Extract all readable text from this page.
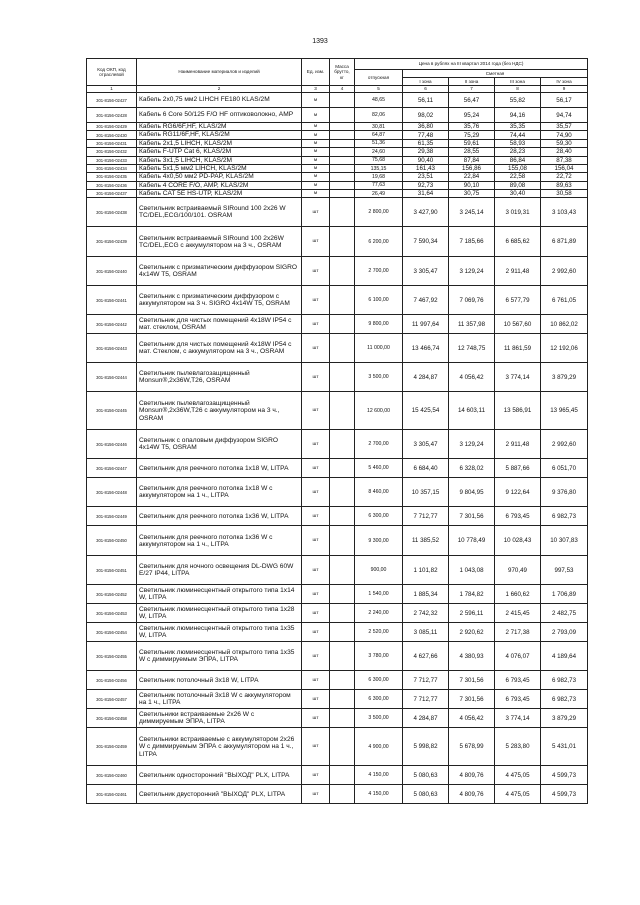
1393
Код ОКП, код отраслевой	Наименование материалов и изделий	Ед. изм.	Масса брутто, кг	Цена в рублях на III квартал 2014 года (без НДС)				
				отпускная	Сметная			
					I зона	II зона	III зона	IV зона
1	2	3	4	5	6	7	8	9
301-8156-02427	Кабель 2x0,75 мм2 LIHCH FE180 KLAS/2M	м		48,65	56,11	56,47	55,82	56,17
301-8156-02428	Кабель 6 Core 50/125 F/O HF оптиковолокно, AMP	м		82,06	98,02	95,24	94,16	94,74
301-8156-02429	Кабель RG6/6F,HF, KLAS/2M	м		30,81	36,80	35,76	35,35	35,57
301-8156-02430	Кабель RG11/6F,HF, KLAS/2M	м		64,87	77,48	75,29	74,44	74,90
301-8156-02431	Кабель 2x1,5 LIHCH, KLAS/2M	м		51,36	61,35	59,61	58,93	59,30
301-8156-02432	Кабель F-UTP Cat 6, KLAS/2M	м		24,60	29,38	28,55	28,23	28,40
301-8156-02433	Кабель 3x1,5 LIHCH, KLAS/2M	м		75,68	90,40	87,84	86,84	87,38
301-8156-02434	Кабель 5x1,5 мм2 LIHCH, KLAS/2M	м		135,15	161,43	156,86	155,08	156,04
301-8156-02435	Кабель 4x0,50 мм2 PD-PAP, KLAS/2M	м		19,68	23,51	22,84	22,58	22,72
301-8156-02436	Кабель 4 CORE F/O, AMP, KLAS/2M	м		77,63	92,73	90,10	89,08	89,63
301-8156-02437	Кабель CAT 5E HS-UTP, KLAS/2M	м		26,49	31,64	30,75	30,40	30,58
301-8156-02438	Светильник встраиваемый SIRound 100 2x26 W TC/DEL,ECG/100/101. OSRAM	шт		2 800,00	3 427,90	3 245,14	3 019,31	3 103,43
301-8156-02439	Светильник встраиваемый SIRound 100 2x26W TC/DEL,ECG с аккумулятором на 3 ч., OSRAM	шт		6 200,00	7 590,34	7 185,66	6 685,62	6 871,89
301-8156-02440	Светильник с призматическим диффузором SIGRO 4x14W T5, OSRAM	шт		2 700,00	3 305,47	3 129,24	2 911,48	2 992,60
301-8156-02441	Светильник с призматическим диффузором с аккумулятором на 3 ч. SIGRO 4x14W T5, OSRAM	шт		6 100,00	7 467,92	7 069,76	6 577,79	6 761,05
301-8156-02442	Светильник для чистых помещений 4x18W IP54 с мат. стеклом, OSRAM	шт		9 800,00	11 997,64	11 357,98	10 567,60	10 862,02
301-8156-02443	Светильник для чистых помещений 4x18W IP54 с мат. Стеклом, с аккумулятором на 3 ч., OSRAM	шт		11 000,00	13 466,74	12 748,75	11 861,59	12 192,06
301-8156-02444	Светильник пылевлагозащищенный Monsun®,2x36W,T26, OSRAM	шт		3 500,00	4 284,87	4 056,42	3 774,14	3 879,29
301-8156-02445	Светильник пылевлагозащищенный Monsun®,2x36W,T26 с аккумулятором на 3 ч., OSRAM	шт		12 600,00	15 425,54	14 603,11	13 586,91	13 965,45
301-8156-02446	Светильник с опаловым диффузором SIGRO 4x14W T5, OSRAM	шт		2 700,00	3 305,47	3 129,24	2 911,48	2 992,60
301-8156-02447	Светильник для реечного потолка 1x18 W, LITPA	шт		5 460,00	6 684,40	6 328,02	5 887,66	6 051,70
301-8156-02448	Светильник для реечного потолка 1x18 W с аккумулятором на 1 ч., LITPA	шт		8 460,00	10 357,15	9 804,95	9 122,64	9 376,80
301-8156-02449	Светильник для реечного потолка 1x36 W, LITPA	шт		6 300,00	7 712,77	7 301,56	6 793,45	6 982,73
301-8156-02450	Светильник для реечного потолка 1x36 W с аккумулятором на 1 ч., LITPA	шт		9 300,00	11 385,52	10 778,49	10 028,43	10 307,83
301-8156-02451	Светильник для ночного освещения DL-DWG 60W E/27 IP44, LITPA	шт		900,00	1 101,82	1 043,08	970,49	997,53
301-8156-02452	Светильник люминесцентный открытого типа 1x14 W, LITPA	шт		1 540,00	1 885,34	1 784,82	1 660,62	1 706,89
301-8156-02453	Светильник люминесцентный открытого типа 1x28 W, LITPA	шт		2 240,00	2 742,32	2 596,11	2 415,45	2 482,75
301-8156-02454	Светильник люминесцентный открытого типа 1x35 W, LITPA	шт		2 520,00	3 085,11	2 920,62	2 717,38	2 793,09
301-8156-02455	Светильник люминесцентный открытого типа 1x35 W с диммируемым ЭПРА, LITPA	шт		3 780,00	4 627,66	4 380,93	4 076,07	4 189,64
301-8156-02456	Светильник потолочный 3x18 W, LITPA	шт		6 300,00	7 712,77	7 301,56	6 793,45	6 982,73
301-8156-02457	Светильник потолочный 3x18 W с аккумулятором на 1 ч., LITPA	шт		6 300,00	7 712,77	7 301,56	6 793,45	6 982,73
301-8156-02458	Светильники встраиваемые 2x26 W с диммируемым ЭПРА, LITPA	шт		3 500,00	4 284,87	4 056,42	3 774,14	3 879,29
301-8156-02459	Светильники встраиваемые с аккумулятором 2x26 W с диммируемым ЭПРА с аккумулятором на 1 ч., LITPA	шт		4 900,00	5 998,82	5 678,99	5 283,80	5 431,01
301-8156-02460	Светильник односторонний "ВЫХОД" PLX, LITPA	шт		4 150,00	5 080,63	4 809,76	4 475,05	4 599,73
301-8156-02461	Светильник двусторонний "ВЫХОД" PLX, LITPA	шт		4 150,00	5 080,63	4 809,76	4 475,05	4 599,73
